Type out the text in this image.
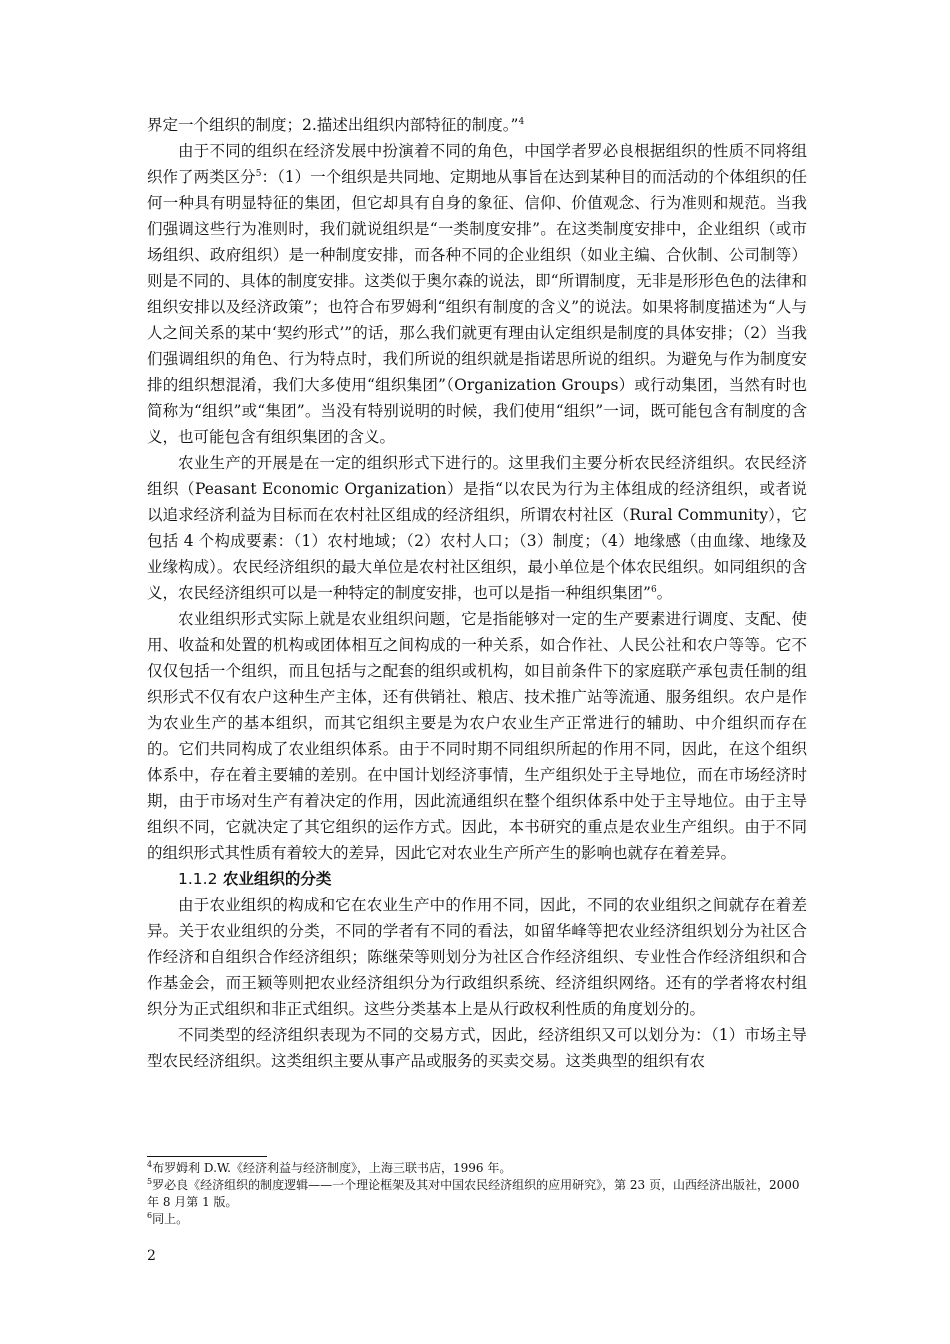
界定一个组织的制度；2.描述出组织内部特征的制度。”$^4$

由于不同的组织在经济发展中扮演着不同的角色，中国学者罗必良根据组织的性质不同将组织作了两类区分$^5$：（1）一个组织是共同地、定期地从事旨在达到某种目的而活动的个体组织的任何一种具有明显特征的集团，但它却具有自身的象征、信仰、价值观念、行为准则和规范。当我们强调这些行为准则时，我们就说组织是“一类制度安排”。在这类制度安排中，企业组织（或市场组织、政府组织）是一种制度安排，而各种不同的企业组织（如业主编、合伙制、公司制等）则是不同的、具体的制度安排。这类似于奥尔森的说法，即“所谓制度，无非是形形色色的法律和组织安排以及经济政策”；也符合布罗姆利“组织有制度的含义”的说法。如果将制度描述为“人与人之间关系的某中‘契约形式’”的话，那么我们就更有理由认定组织是制度的具体安排；（2）当我们强调组织的角色、行为特点时，我们所说的组织就是指诺思所说的组织。为避免与作为制度安排的组织想混淆，我们大多使用“组织集团”（Organization Groups）或行动集团，当然有时也简称为“组织”或“集团”。当没有特别说明的时候，我们使用“组织”一词，既可能包含有制度的含义，也可能包含有组织集团的含义。

农业生产的开展是在一定的组织形式下进行的。这里我们主要分析农民经济组织。农民经济组织（Peasant Economic Organization）是指“以农民为行为主体组成的经济组织，或者说以追求经济利益为目标而在农村社区组成的经济组织，所谓农村社区（Rural Community），它包括 4 个构成要素：（1）农村地域；（2）农村人口；（3）制度；（4）地缘感（由血缘、地缘及业缘构成）。农民经济组织的最大单位是农村社区组织，最小单位是个体农民组织。如同组织的含义，农民经济组织可以是一种特定的制度安排，也可以是指一种组织集团”$^6$。

农业组织形式实际上就是农业组织问题，它是指能够对一定的生产要素进行调度、支配、使用、收益和处置的机构或团体相互之间构成的一种关系，如合作社、人民公社和农户等等。它不仅仅包括一个组织，而且包括与之配套的组织或机构，如目前条件下的家庭联产承包责任制的组织形式不仅有农户这种生产主体，还有供销社、粮店、技术推广站等流通、服务组织。农户是作为农业生产的基本组织，而其它组织主要是为农户农业生产正常进行的辅助、中介组织而存在的。它们共同构成了农业组织体系。由于不同时期不同组织所起的作用不同，因此，在这个组织体系中，存在着主要辅的差别。在中国计划经济事情，生产组织处于主导地位，而在市场经济时期，由于市场对生产有着决定的作用，因此流通组织在整个组织体系中处于主导地位。由于主导组织不同，它就决定了其它组织的运作方式。因此，本书研究的重点是农业生产组织。由于不同的组织形式其性质有着较大的差异，因此它对农业生产所产生的影响也就存在着差异。

1.1.2 农业组织的分类

由于农业组织的构成和它在农业生产中的作用不同，因此，不同的农业组织之间就存在着差异。关于农业组织的分类，不同的学者有不同的看法，如留华峰等把农业经济组织划分为社区合作经济和自组织合作经济组织；陈继荣等则划分为社区合作经济组织、专业性合作经济组织和合作基金会，而王颖等则把农业经济组织分为行政组织系统、经济组织网络。还有的学者将农村组织分为正式组织和非正式组织。这些分类基本上是从行政权利性质的角度划分的。

不同类型的经济组织表现为不同的交易方式，因此，经济组织又可以划分为：（1）市场主导型农民经济组织。这类组织主要从事产品或服务的买卖交易。这类典型的组织有农

$^4$布罗姆利 D.W.《经济利益与经济制度》，上海三联书店，1996 年。

$^5$罗必良《经济组织的制度逻辑——一个理论框架及其对中国农民经济组织的应用研究》，第 23 页，山西经济出版社，2000 年 8 月第 1 版。

$^6$同上。

2
